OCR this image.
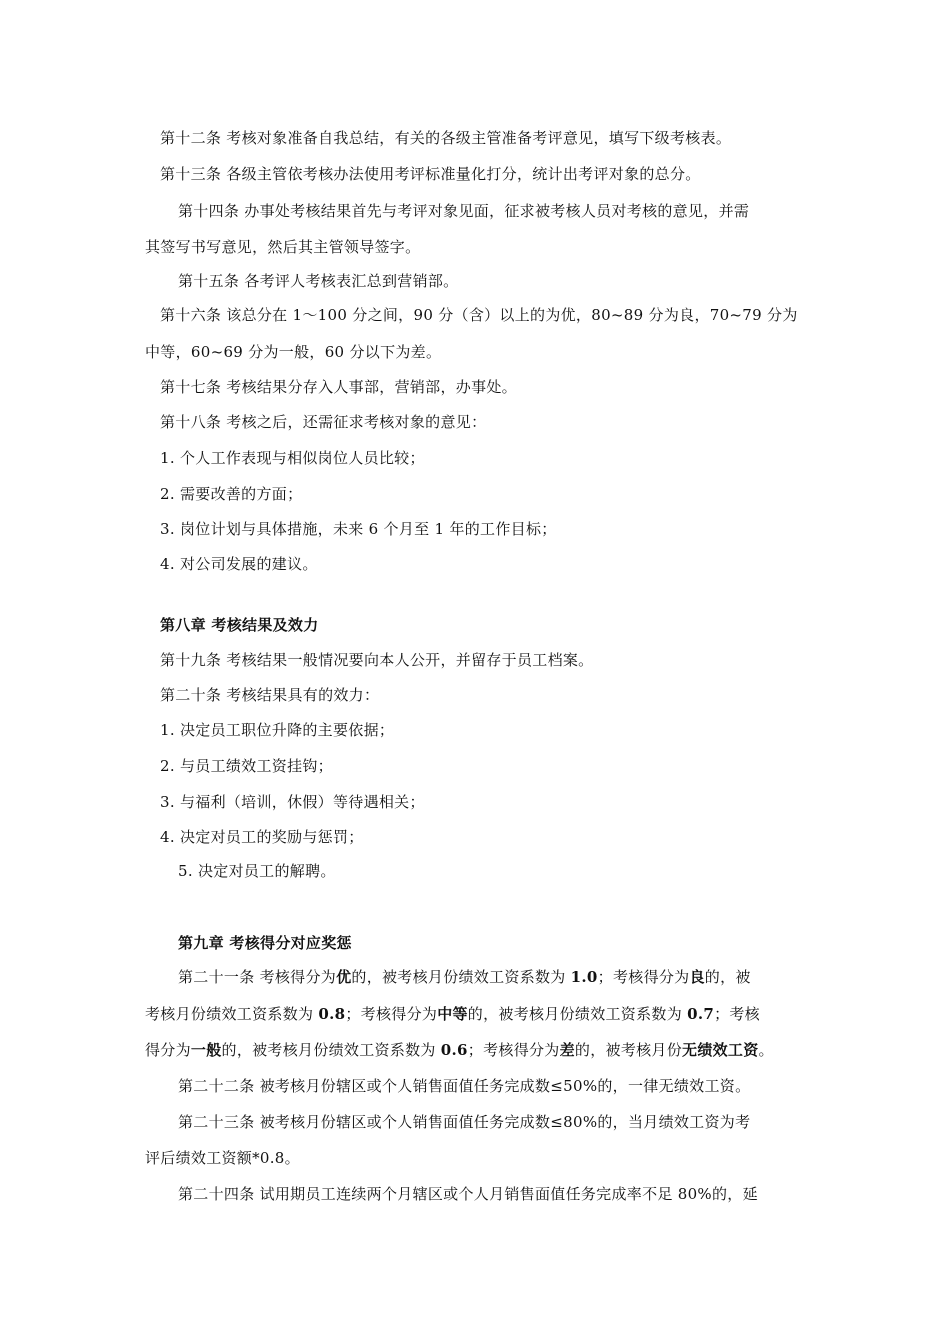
第十二条 考核对象准备自我总结，有关的各级主管准备考评意见，填写下级考核表。
第十三条 各级主管依考核办法使用考评标准量化打分，统计出考评对象的总分。
第十四条 办事处考核结果首先与考评对象见面，征求被考核人员对考核的意见，并需
其签写书写意见，然后其主管领导签字。
第十五条 各考评人考核表汇总到营销部。
第十六条 该总分在 1～100 分之间，90 分（含）以上的为优，80~89 分为良，70~79 分为
中等，60~69 分为一般，60 分以下为差。
第十七条 考核结果分存入人事部，营销部，办事处。
第十八条 考核之后，还需征求考核对象的意见：
1. 个人工作表现与相似岗位人员比较；
2. 需要改善的方面；
3. 岗位计划与具体措施，未来 6 个月至 1 年的工作目标；
4. 对公司发展的建议。
第八章 考核结果及效力
第十九条 考核结果一般情况要向本人公开，并留存于员工档案。
第二十条 考核结果具有的效力：
1. 决定员工职位升降的主要依据；
2. 与员工绩效工资挂钩；
3. 与福利（培训，休假）等待遇相关；
4. 决定对员工的奖励与惩罚；
5. 决定对员工的解聘。
第九章 考核得分对应奖惩
第二十一条 考核得分为优的，被考核月份绩效工资系数为 1.0；考核得分为良的，被
考核月份绩效工资系数为 0.8；考核得分为中等的，被考核月份绩效工资系数为 0.7；考核
得分为一般的，被考核月份绩效工资系数为 0.6；考核得分为差的，被考核月份无绩效工资。
第二十二条 被考核月份辖区或个人销售面值任务完成数≤50%的，一律无绩效工资。
第二十三条 被考核月份辖区或个人销售面值任务完成数≤80%的，当月绩效工资为考
评后绩效工资额*0.8。
第二十四条 试用期员工连续两个月辖区或个人月销售面值任务完成率不足 80%的，延
